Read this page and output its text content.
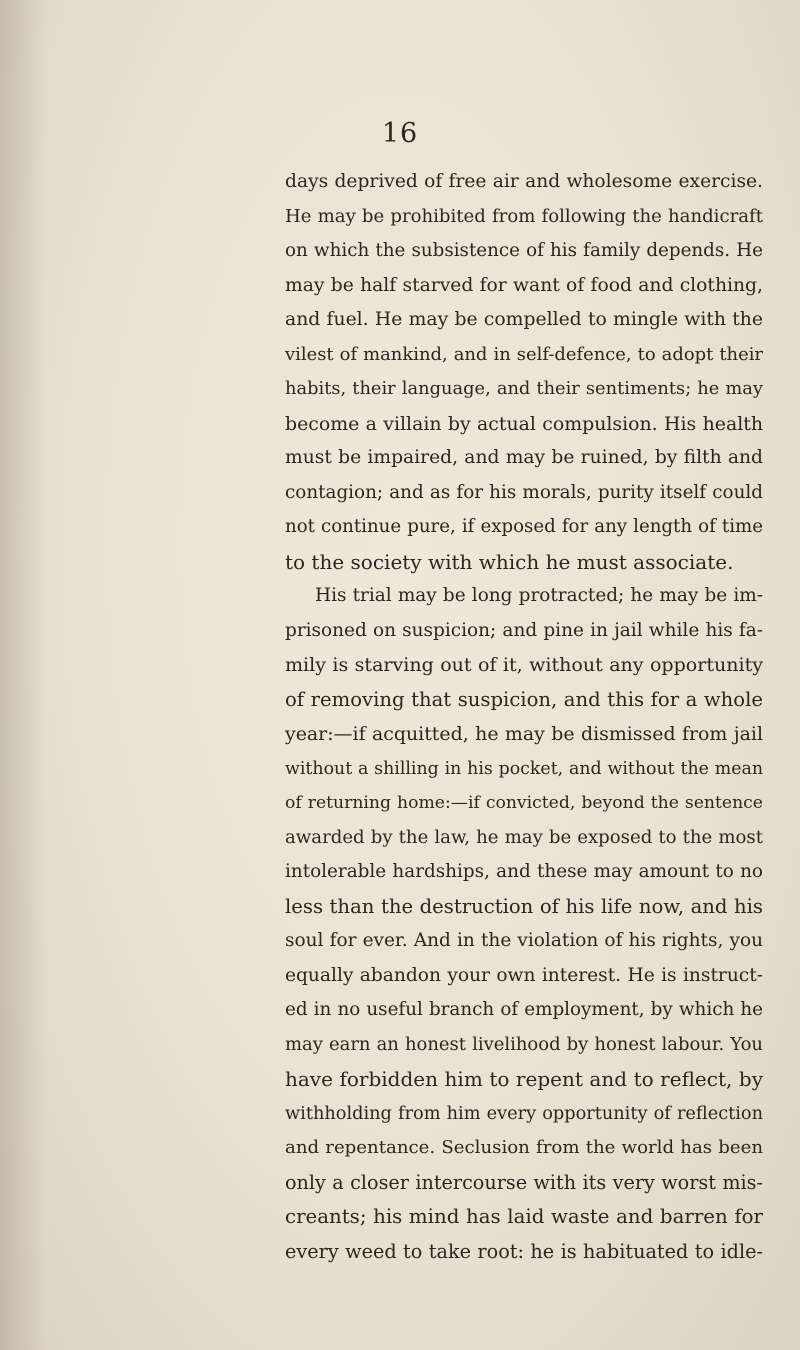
16
days deprived of free air and wholesome exercise.
He may be prohibited from following the handicraft
on which the subsistence of his family depends. He
may be half starved for want of food and clothing,
and fuel. He may be compelled to mingle with the
vilest of mankind, and in self-defence, to adopt their
habits, their language, and their sentiments; he may
become a villain by actual compulsion. His health
must be impaired, and may be ruined, by filth and
contagion; and as for his morals, purity itself could
not continue pure, if exposed for any length of time
to the society with which he must associate.
His trial may be long protracted; he may be im-
prisoned on suspicion; and pine in jail while his fa-
mily is starving out of it, without any opportunity
of removing that suspicion, and this for a whole
year:—if acquitted, he may be dismissed from jail
without a shilling in his pocket, and without the mean
of returning home:—if convicted, beyond the sentence
awarded by the law, he may be exposed to the most
intolerable hardships, and these may amount to no
less than the destruction of his life now, and his
soul for ever. And in the violation of his rights, you
equally abandon your own interest. He is instruct-
ed in no useful branch of employment, by which he
may earn an honest livelihood by honest labour. You
have forbidden him to repent and to reflect, by
withholding from him every opportunity of reflection
and repentance. Seclusion from the world has been
only a closer intercourse with its very worst mis-
creants; his mind has laid waste and barren for
every weed to take root: he is habituated to idle-
